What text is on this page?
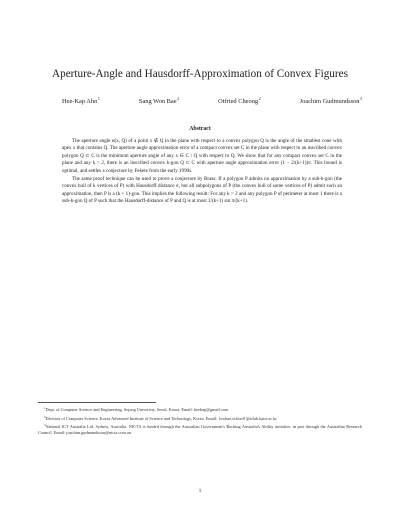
Aperture-Angle and Hausdorff-Approximation of Convex Figures
Hee-Kap Ahn$^1$	Sang Won Bae$^2$	Otfried Cheong$^2$	Joachim Gudmundsson$^3$
Abstract

The aperture angle α(x, Q) of a point x ∉ Q in the plane with respect to a convex polygon Q is the angle of the smallest cone with apex x that contains Q. The aperture angle approximation error of a compact convex set C in the plane with respect to an inscribed convex polygon Q ⊂ C is the minimum aperture angle of any x ∈ C \ Q with respect to Q. We show that for any compact convex set C in the plane and any k > 2, there is an inscribed convex k-gon Q ⊂ C with aperture angle approximation error (1 − 2/(k+1))π. This bound is optimal, and settles a conjecture by Fekete from the early 1990s.

The same proof technique can be used to prove a conjecture by Brass: If a polygon P admits no approximation by a sub-k-gon (the convex hull of k vertices of P) with Hausdorff distance σ, but all subpolygons of P (the convex hull of some vertices of P) admit such an approximation, then P is a (k + 1)-gon. This implies the following result: For any k > 2 and any polygon P of perimeter at most 1 there is a sub-k-gon Q of P such that the Hausdorff-distance of P and Q is at most 1/(k+1) sin π/(k+1).

$^1$Dept. of Computer Science and Engineering, Sejong University, Seoul, Korea. Email: heekap@gmail.com

$^2$Division of Computer Science, Korea Advanced Institute of Science and Technology, Korea. Email: {swbae,otfried}@tclab.kaist.ac.kr

$^3$National ICT Australia Ltd, Sydney, Australia. NICTA is funded through the Australian Government's Backing Australia's Ability initiative, in part through the Australian Research Council. Email: joachim.gudmundsson@nicta.com.au

1
